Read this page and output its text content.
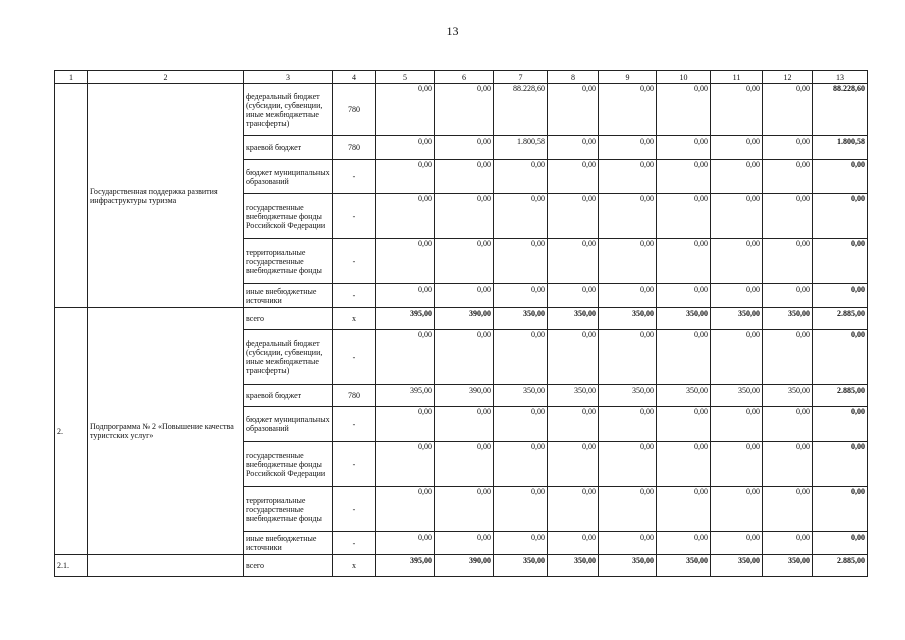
13
1	2	3	4	5	6	7	8	9	10	11	12	13
	Государственная поддержка развития инфраструктуры туризма	федеральный бюджет (субсидии, субвенции, иные межбюджетные трансферты)	780	0,00	0,00	88.228,60	0,00	0,00	0,00	0,00	0,00	88.228,60
		краевой бюджет	780	0,00	0,00	1.800,58	0,00	0,00	0,00	0,00	0,00	1.800,58
		бюджет муниципальных образований	-	0,00	0,00	0,00	0,00	0,00	0,00	0,00	0,00	0,00
		государственные внебюджетные фонды Российской Федерации	-	0,00	0,00	0,00	0,00	0,00	0,00	0,00	0,00	0,00
		территориальные государственные внебюджетные фонды	-	0,00	0,00	0,00	0,00	0,00	0,00	0,00	0,00	0,00
		иные внебюджетные источники	-	0,00	0,00	0,00	0,00	0,00	0,00	0,00	0,00	0,00
2.	Подпрограмма № 2 «Повышение качества туристских услуг»	всего	x	395,00	390,00	350,00	350,00	350,00	350,00	350,00	350,00	2.885,00
		федеральный бюджет (субсидии, субвенции, иные межбюджетные трансферты)	-	0,00	0,00	0,00	0,00	0,00	0,00	0,00	0,00	0,00
		краевой бюджет	780	395,00	390,00	350,00	350,00	350,00	350,00	350,00	350,00	2.885,00
		бюджет муниципальных образований	-	0,00	0,00	0,00	0,00	0,00	0,00	0,00	0,00	0,00
		государственные внебюджетные фонды Российской Федерации	-	0,00	0,00	0,00	0,00	0,00	0,00	0,00	0,00	0,00
		территориальные государственные внебюджетные фонды	-	0,00	0,00	0,00	0,00	0,00	0,00	0,00	0,00	0,00
		иные внебюджетные источники	-	0,00	0,00	0,00	0,00	0,00	0,00	0,00	0,00	0,00
2.1.		всего	x	395,00	390,00	350,00	350,00	350,00	350,00	350,00	350,00	2.885,00
